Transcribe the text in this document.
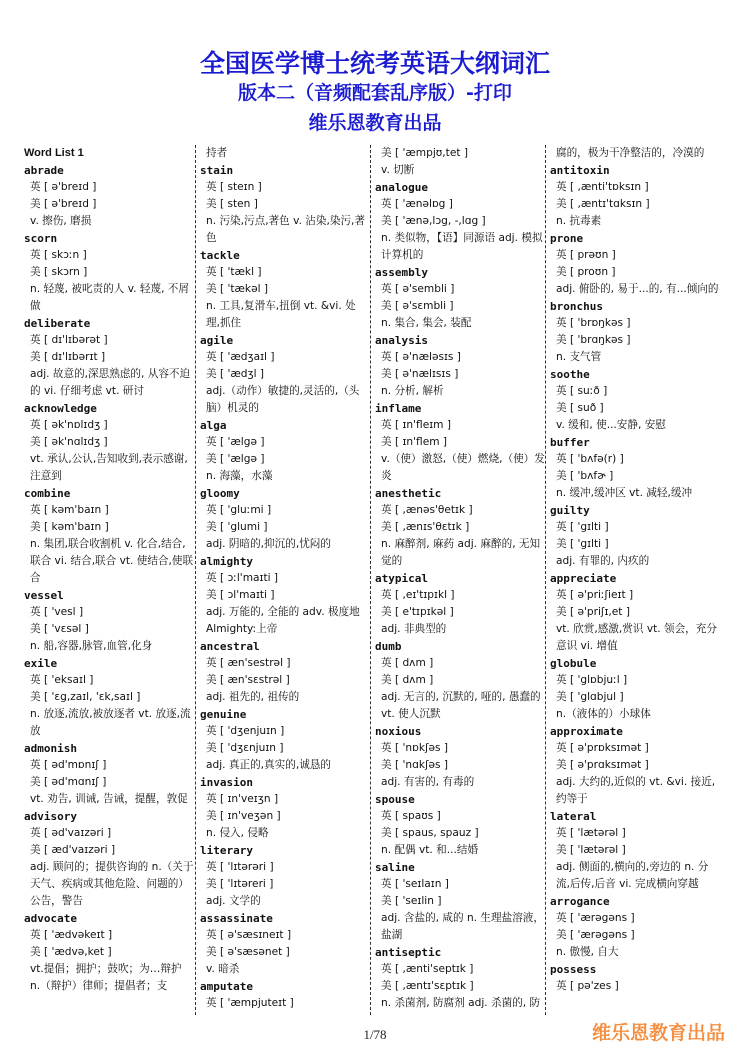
全国医学博士统考英语大纲词汇
版本二（音频配套乱序版）-打印
维乐恩教育出品
Word List 1
abrade
英 [ ə'breɪd ]
美 [ ə'breɪd ]
v. 擦伤, 磨损
scorn
英 [ skɔːn ]
美 [ skɔrn ]
n. 轻蔑, 被叱责的人 v. 轻蔑, 不屑做
deliberate
英 [ dɪ'lɪbərət ]
美 [ dɪ'lɪbərɪt ]
adj. 故意的,深思熟虑的, 从容不迫的 vi. 仔细考虑 vt. 研讨
acknowledge
英 [ ək'nɒlɪdʒ ]
美 [ ək'nɑlɪdʒ ]
vt. 承认,公认,告知收到,表示感谢,注意到
combine
英 [ kəm'baɪn ]
美 [ kəm'baɪn ]
n. 集团,联合收割机 v. 化合,结合,联合 vi. 结合,联合 vt. 使结合,使联合
vessel
英 [ 'vesl ]
美 [ 'vɛsəl ]
n. 船,容器,脉管,血管,化身
exile
英 [ 'eksaɪl ]
美 [ 'ɛg,zaɪl, 'ɛk,saɪl ]
n. 放逐,流放,被放逐者 vt. 放逐,流放
admonish
英 [ əd'mɒnɪʃ ]
美 [ əd'mɑnɪʃ ]
vt. 劝告, 训诫, 告诫，提醒，敦促
advisory
英 [ əd'vaɪzəri ]
美 [ æd'vaɪzəri ]
adj. 顾问的；提供咨询的 n.（关于天气、疾病或其他危险、问题的）公告，警告
advocate
英 [ 'ædvəkeɪt ]
美 [ 'ædvə,ket ]
vt.提倡；拥护；鼓吹；为…辩护 n.（辩护）律师；提倡者；支
持者
stain
英 [ steɪn ]
美 [ sten ]
n. 污染,污点,著色 v. 沾染,染污,著色
tackle
英 [ 'tækl ]
美 [ 'tækəl ]
n. 工具,复滑车,扭倒 vt. &vi. 处理,抓住
agile
英 [ 'ædʒaɪl ]
美 [ 'ædʒl ]
adj.（动作）敏捷的,灵活的,（头脑）机灵的
alga
英 [ 'ælgə ]
美 [ 'ælgə ]
n. 海藻，水藻
gloomy
英 [ 'gluːmi ]
美 [ 'glumi ]
adj. 阴暗的,抑沉的,忧闷的
almighty
英 [ ɔːl'maɪti ]
美 [ ɔl'maɪti ]
adj. 万能的, 全能的 adv. 极度地 Almighty:上帝
ancestral
英 [ æn'sestrəl ]
美 [ æn'sɛstrəl ]
adj. 祖先的, 祖传的
genuine
英 [ 'dʒenjuɪn ]
美 [ 'dʒɛnjuɪn ]
adj. 真正的,真实的,诚恳的
invasion
英 [ ɪn'veɪʒn ]
美 [ ɪn'veʒən ]
n. 侵入, 侵略
literary
英 [ 'lɪtərəri ]
美 [ 'lɪtəreri ]
adj. 文学的
assassinate
英 [ ə'sæsɪneɪt ]
美 [ ə'sæsənet ]
v. 暗杀
amputate
英 [ 'æmpjuteɪt ]
美 [ 'æmpjʊ,tet ]
v. 切断
analogue
英 [ 'ænəlɒg ]
美 [ 'ænə,lɔg, -,lɑg ]
n. 类似物，【语】同源语 adj. 模拟计算机的
assembly
英 [ ə'sembli ]
美 [ ə'sɛmbli ]
n. 集合, 集会, 装配
analysis
英 [ ə'næləsɪs ]
美 [ ə'nælɪsɪs ]
n. 分析, 解析
inflame
英 [ ɪn'fleɪm ]
美 [ ɪn'flem ]
v.（使）激怒,（使）燃烧,（使）发炎
anesthetic
英 [ ,ænəs'θetɪk ]
美 [ ,ænɪs'θɛtɪk ]
n. 麻醉剂, 麻药 adj. 麻醉的, 无知觉的
atypical
英 [ ,eɪ'tɪpɪkl ]
美 [ e'tɪpɪkəl ]
adj. 非典型的
dumb
英 [ dʌm ]
美 [ dʌm ]
adj. 无言的, 沉默的, 哑的, 愚蠢的 vt. 使人沉默
noxious
英 [ 'nɒkʃəs ]
美 [ 'nɑkʃəs ]
adj. 有害的, 有毒的
spouse
英 [ spaʊs ]
美 [ spaus, spauz ]
n. 配偶 vt. 和...结婚
saline
英 [ 'seɪlaɪn ]
美 [ 'seɪlin ]
adj. 含盐的, 咸的 n. 生理盐溶液，盐湖
antiseptic
英 [ ,ænti'septɪk ]
美 [ ,æntɪ'sɛptɪk ]
n. 杀菌剂, 防腐剂 adj. 杀菌的, 防
腐的，极为干净整洁的，冷漠的
antitoxin
英 [ ,ænti'tɒksɪn ]
美 [ ,æntɪ'tɑksɪn ]
n. 抗毒素
prone
英 [ prəʊn ]
美 [ proʊn ]
adj. 俯卧的, 易于...的, 有...倾向的
bronchus
英 [ 'brɒŋkəs ]
美 [ 'brɑŋkəs ]
n. 支气管
soothe
英 [ suːð ]
美 [ suð ]
v. 缓和, 使...安静, 安慰
buffer
英 [ 'bʌfə(r) ]
美 [ 'bʌfɚ ]
n. 缓冲,缓冲区 vt. 减轻,缓冲
guilty
英 [ 'gɪlti ]
美 [ 'gɪlti ]
adj. 有罪的, 内疚的
appreciate
英 [ ə'priːʃieɪt ]
美 [ ə'priʃɪ,et ]
vt. 欣赏,感激,赏识 vt. 领会，充分意识 vi. 增值
globule
英 [ 'glɒbjuːl ]
美 [ 'glɑbjul ]
n.（液体的）小球体
approximate
英 [ ə'prɒksɪmət ]
美 [ ə'prɑksɪmət ]
adj. 大约的,近似的 vt. &vi. 接近,约等于
lateral
英 [ 'lætərəl ]
美 [ 'lætərəl ]
adj. 侧面的,横向的,旁边的 n. 分流,后传,后音 vi. 完成横向穿越
arrogance
英 [ 'ærəgəns ]
美 [ 'ærəgəns ]
n. 傲慢, 自大
possess
英 [ pə'zes ]
1/78	维乐恩教育出品
